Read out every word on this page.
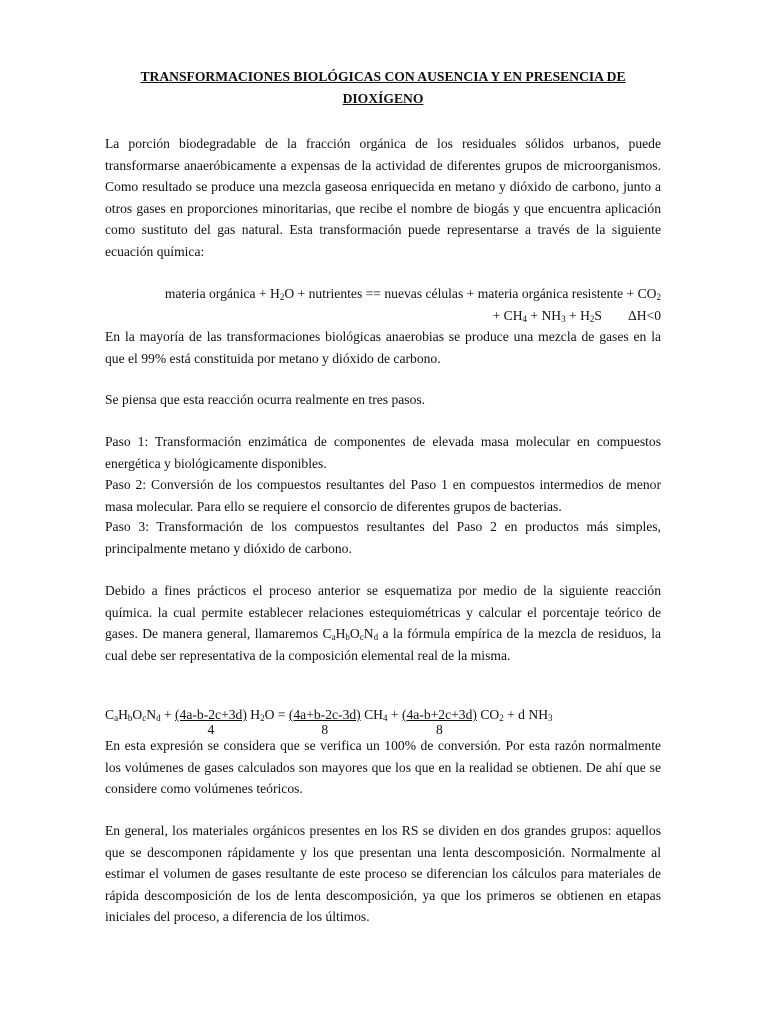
TRANSFORMACIONES BIOLÓGICAS CON AUSENCIA Y EN PRESENCIA DE DIOXÍGENO

La porción biodegradable de la fracción orgánica de los residuales sólidos urbanos, puede transformarse anaeróbicamente a expensas de la actividad de diferentes grupos de microorganismos. Como resultado se produce una mezcla gaseosa enriquecida en metano y dióxido de carbono, junto a otros gases en proporciones minoritarias, que recibe el nombre de biogás y que encuentra aplicación como sustituto del gas natural. Esta transformación puede representarse a través de la siguiente ecuación química:

materia orgánica + $H_2O$ + nutrientes == nuevas células + materia orgánica resistente + $CO_2$
+ $CH_4 + NH_3 + H_2S$ ΔH<0

En la mayoría de las transformaciones biológicas anaerobias se produce una mezcla de gases en la que el 99% está constituida por metano y dióxido de carbono.

Se piensa que esta reacción ocurra realmente en tres pasos.

Paso 1: Transformación enzimática de componentes de elevada masa molecular en compuestos energética y biológicamente disponibles.

Paso 2: Conversión de los compuestos resultantes del Paso 1 en compuestos intermedios de menor masa molecular. Para ello se requiere el consorcio de diferentes grupos de bacterias.

Paso 3: Transformación de los compuestos resultantes del Paso 2 en productos más simples, principalmente metano y dióxido de carbono.

Debido a fines prácticos el proceso anterior se esquematiza por medio de la siguiente reacción química. la cual permite establecer relaciones estequiométricas y calcular el porcentaje teórico de gases. De manera general, llamaremos $C_aH_bO_cN_d$ a la fórmula empírica de la mezcla de residuos, la cual debe ser representativa de la composición elemental real de la misma.

$C_aH_bO_cN_d + (4a-b-2c+3d)$
4
$H_2O = (4a+b-2c-3d)$
8
$CH_4 + (4a-b+2c+3d)$
8
$CO_2 + d$ $NH_3$

En esta expresión se considera que se verifica un 100% de conversión. Por esta razón normalmente los volúmenes de gases calculados son mayores que los que en la realidad se obtienen. De ahí que se considere como volúmenes teóricos.

En general, los materiales orgánicos presentes en los RS se dividen en dos grandes grupos: aquellos que se descomponen rápidamente y los que presentan una lenta descomposición. Normalmente al estimar el volumen de gases resultante de este proceso se diferencian los cálculos para materiales de rápida descomposición de los de lenta descomposición, ya que los primeros se obtienen en etapas iniciales del proceso, a diferencia de los últimos.
